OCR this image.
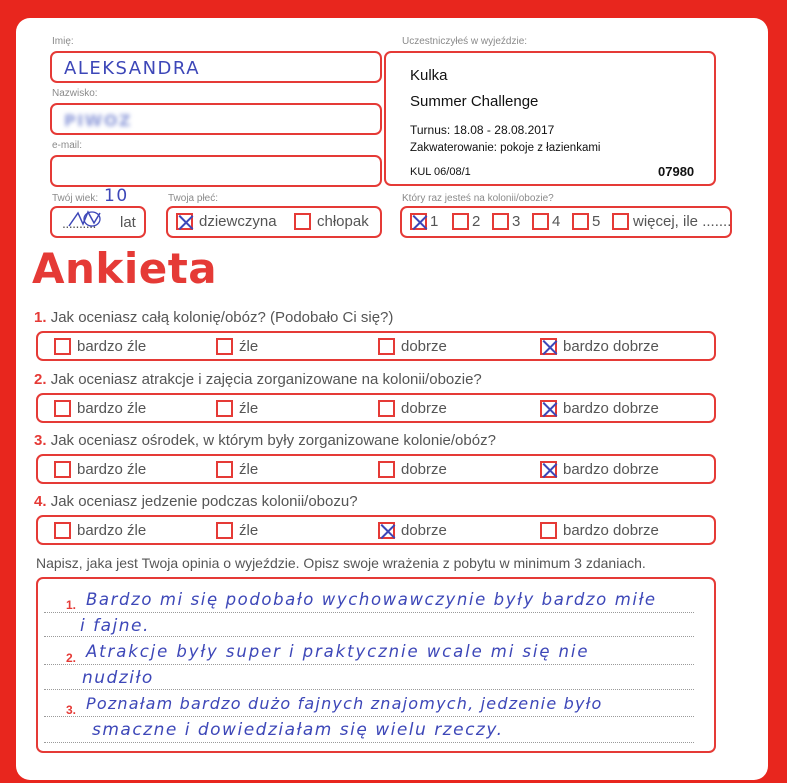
Imię:
ALEKSANDRA
Nazwisko:
PIWOZ
e-mail:
Twój wiek: 10
.......... lat
Twoja płeć:
dziewczyna	chłopak
Uczestniczyłeś w wyjeździe:
Kulka
Summer Challenge
Turnus: 18.08 - 28.08.2017
Zakwaterowanie: pokoje z łazienkami
KUL 06/08/1	07980
Który raz jesteś na kolonii/obozie?
1 2 3 4 5 więcej, ile .......
Ankieta
1. Jak oceniasz całą kolonię/obóz? (Podobało Ci się?)
bardzo źle	źle	dobrze	bardzo dobrze
2. Jak oceniasz atrakcje i zajęcia zorganizowane na kolonii/obozie?
bardzo źle	źle	dobrze	bardzo dobrze
3. Jak oceniasz ośrodek, w którym były zorganizowane kolonie/obóz?
bardzo źle	źle	dobrze	bardzo dobrze
4. Jak oceniasz jedzenie podczas kolonii/obozu?
bardzo źle	źle	dobrze	bardzo dobrze
Napisz, jaka jest Twoja opinia o wyjeździe. Opisz swoje wrażenia z pobytu w minimum 3 zdaniach.
1.
2.
3.
Bardzo mi się podobało wychowawczynie były bardzo miłe
i fajne.
Atrakcje były super i praktycznie wcale mi się nie
nudziło
Poznałam bardzo dużo fajnych znajomych, jedzenie było
smaczne i dowiedziałam się wielu rzeczy.
